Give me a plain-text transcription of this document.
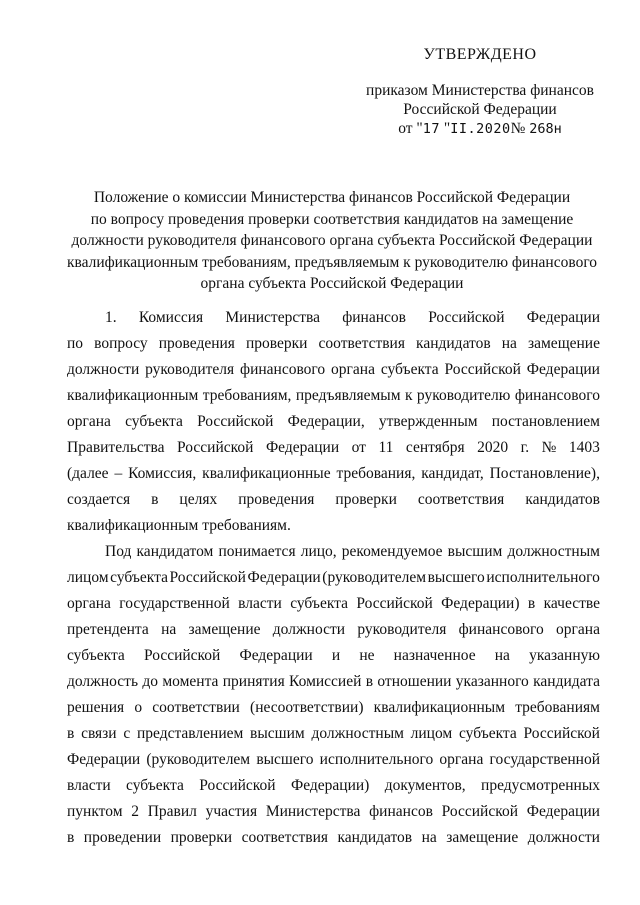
УТВЕРЖДЕНО
приказом Министерства финансов
Российской Федерации
от "17 "II.2020№ 268н
Положение о комиссии Министерства финансов Российской Федерации
по вопросу проведения проверки соответствия кандидатов на замещение
должности руководителя финансового органа субъекта Российской Федерации
квалификационным требованиям, предъявляемым к руководителю финансового
органа субъекта Российской Федерации
1. Комиссия Министерства финансов Российской Федерации
по вопросу проведения проверки соответствия кандидатов на замещение
должности руководителя финансового органа субъекта Российской Федерации
квалификационным требованиям, предъявляемым к руководителю финансового
органа субъекта Российской Федерации, утвержденным постановлением
Правительства Российской Федерации от 11 сентября 2020 г. № 1403
(далее – Комиссия, квалификационные требования, кандидат, Постановление),
создается в целях проведения проверки соответствия кандидатов
квалификационным требованиям.
Под кандидатом понимается лицо, рекомендуемое высшим должностным
лицом субъекта Российской Федерации (руководителем высшего исполнительного
органа государственной власти субъекта Российской Федерации) в качестве
претендента на замещение должности руководителя финансового органа
субъекта Российской Федерации и не назначенное на указанную
должность до момента принятия Комиссией в отношении указанного кандидата
решения о соответствии (несоответствии) квалификационным требованиям
в связи с представлением высшим должностным лицом субъекта Российской
Федерации (руководителем высшего исполнительного органа государственной
власти субъекта Российской Федерации) документов, предусмотренных
пунктом 2 Правил участия Министерства финансов Российской Федерации
в проведении проверки соответствия кандидатов на замещение должности
